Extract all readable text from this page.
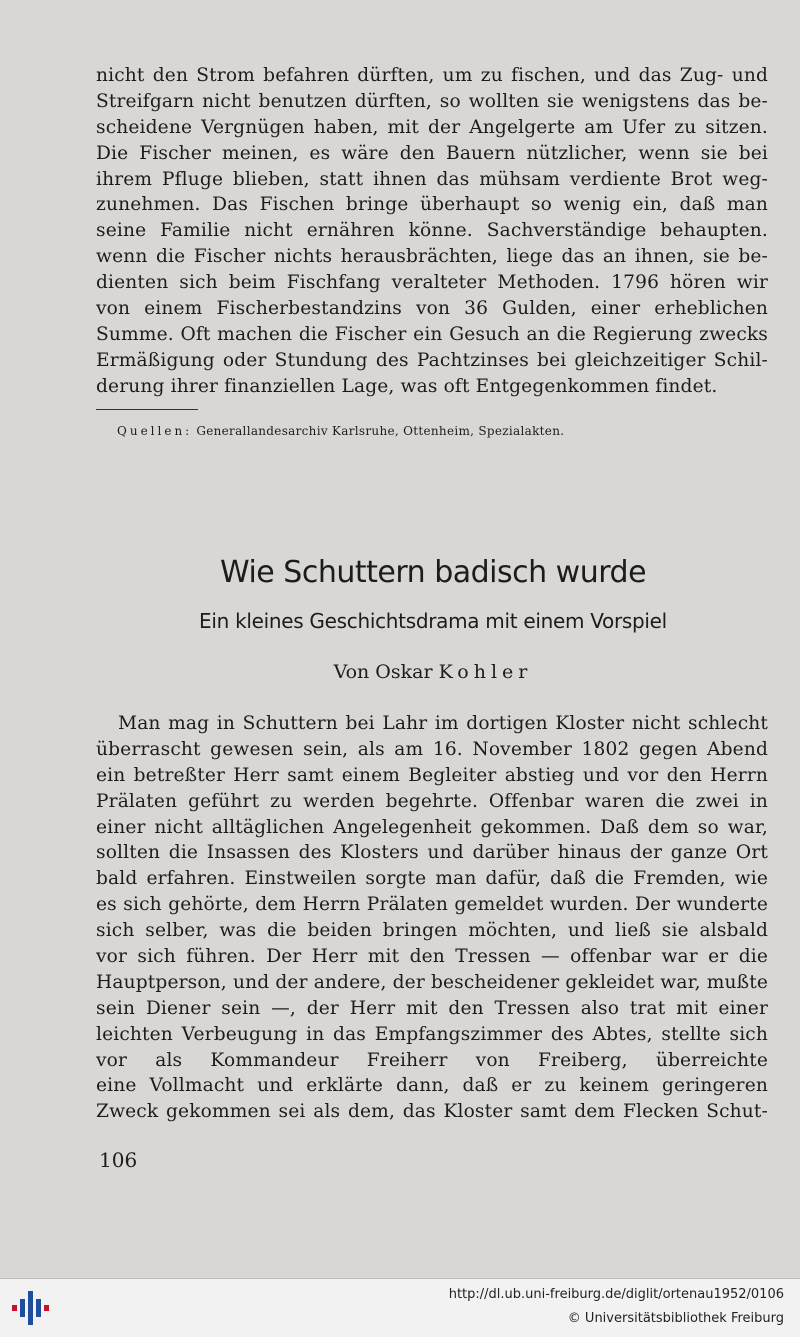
nicht den Strom befahren dürften, um zu fischen, und das Zug- und
Streifgarn nicht benutzen dürften, so wollten sie wenigstens das be-
scheidene Vergnügen haben, mit der Angelgerte am Ufer zu sitzen.
Die Fischer meinen, es wäre den Bauern nützlicher, wenn sie bei
ihrem Pfluge blieben, statt ihnen das mühsam verdiente Brot weg-
zunehmen. Das Fischen bringe überhaupt so wenig ein, daß man
seine Familie nicht ernähren könne. Sachverständige behaupten.
wenn die Fischer nichts herausbrächten, liege das an ihnen, sie be-
dienten sich beim Fischfang veralteter Methoden. 1796 hören wir
von einem Fischerbestandzins von 36 Gulden, einer erheblichen
Summe. Oft machen die Fischer ein Gesuch an die Regierung zwecks
Ermäßigung oder Stundung des Pachtzinses bei gleichzeitiger Schil-
derung ihrer finanziellen Lage, was oft Entgegenkommen findet.
Quellen: Generallandesarchiv Karlsruhe, Ottenheim, Spezialakten.
Wie Schuttern badisch wurde
Ein kleines Geschichtsdrama mit einem Vorspiel
Von Oskar Kohler
Man mag in Schuttern bei Lahr im dortigen Kloster nicht schlecht
überrascht gewesen sein, als am 16. November 1802 gegen Abend
ein betreßter Herr samt einem Begleiter abstieg und vor den Herrn
Prälaten geführt zu werden begehrte. Offenbar waren die zwei in
einer nicht alltäglichen Angelegenheit gekommen. Daß dem so war,
sollten die Insassen des Klosters und darüber hinaus der ganze Ort
bald erfahren. Einstweilen sorgte man dafür, daß die Fremden, wie
es sich gehörte, dem Herrn Prälaten gemeldet wurden. Der wunderte
sich selber, was die beiden bringen möchten, und ließ sie alsbald
vor sich führen. Der Herr mit den Tressen — offenbar war er die
Hauptperson, und der andere, der bescheidener gekleidet war, mußte
sein Diener sein —, der Herr mit den Tressen also trat mit einer
leichten Verbeugung in das Empfangszimmer des Abtes, stellte sich
vor als Kommandeur Freiherr von Freiberg, überreichte
eine Vollmacht und erklärte dann, daß er zu keinem geringeren
Zweck gekommen sei als dem, das Kloster samt dem Flecken Schut-
106
http://dl.ub.uni-freiburg.de/diglit/ortenau1952/0106
© Universitätsbibliothek Freiburg
